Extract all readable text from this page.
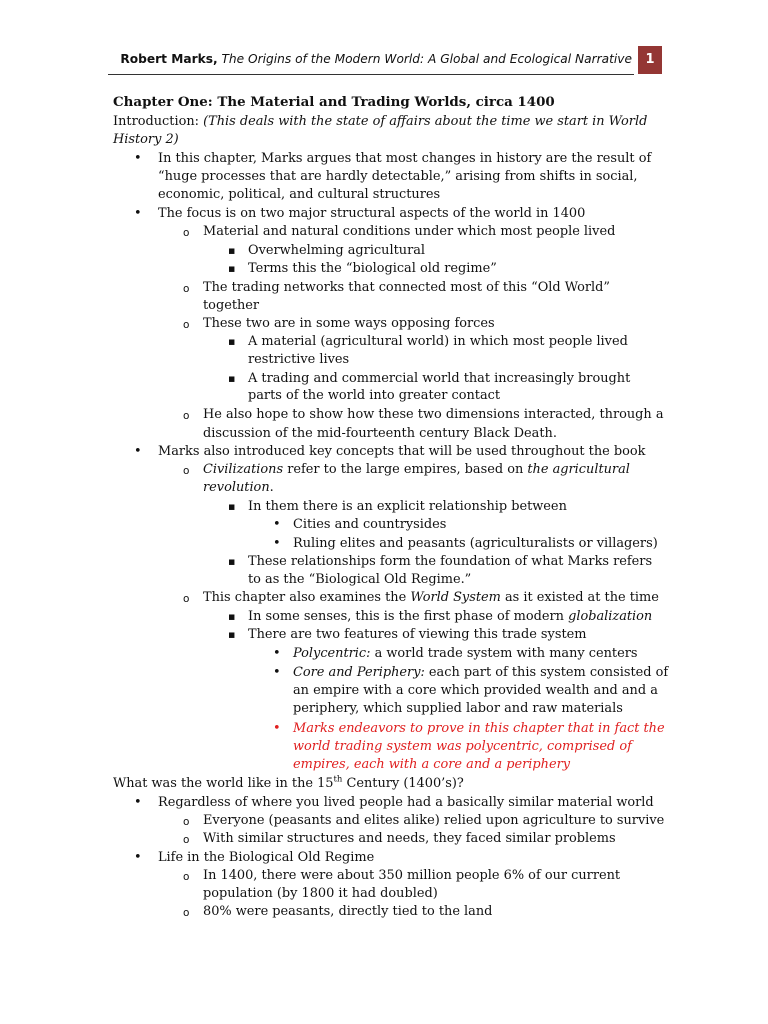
Robert Marks, The Origins of the Modern World: A Global and Ecological Narrative	1
Chapter One: The Material and Trading Worlds, circa 1400
Introduction: (This deals with the state of affairs about the time we start in World
History 2)
•
In this chapter, Marks argues that most changes in history are the result of
“huge processes that are hardly detectable,” arising from shifts in social,
economic, political, and cultural structures
•
The focus is on two major structural aspects of the world in 1400
o
Material and natural conditions under which most people lived
▪
Overwhelming agricultural
▪
Terms this the “biological old regime”
o
The trading networks that connected most of this “Old World”
together
o
These two are in some ways opposing forces
▪
A material (agricultural world) in which most people lived
restrictive lives
▪
A trading and commercial world that increasingly brought
parts of the world into greater contact
o
He also hope to show how these two dimensions interacted, through a
discussion of the mid-fourteenth century Black Death.
•
Marks also introduced key concepts that will be used throughout the book
o
Civilizations refer to the large empires, based on the agricultural
revolution.
▪
In them there is an explicit relationship between
•
Cities and countrysides
•
Ruling elites and peasants (agriculturalists or villagers)
▪
These relationships form the foundation of what Marks refers
to as the “Biological Old Regime.”
o
This chapter also examines the World System as it existed at the time
▪
In some senses, this is the first phase of modern globalization
▪
There are two features of viewing this trade system
•
Polycentric: a world trade system with many centers
•
Core and Periphery: each part of this system consisted of
an empire with a core which provided wealth and and a
periphery, which supplied labor and raw materials
•
Marks endeavors to prove in this chapter that in fact the
world trading system was polycentric, comprised of
empires, each with a core and a periphery
What was the world like in the 15th Century (1400’s)?
•
Regardless of where you lived people had a basically similar material world
o
Everyone (peasants and elites alike) relied upon agriculture to survive
o
With similar structures and needs, they faced similar problems
•
Life in the Biological Old Regime
o
In 1400, there were about 350 million people 6% of our current
population (by 1800 it had doubled)
o
80% were peasants, directly tied to the land
